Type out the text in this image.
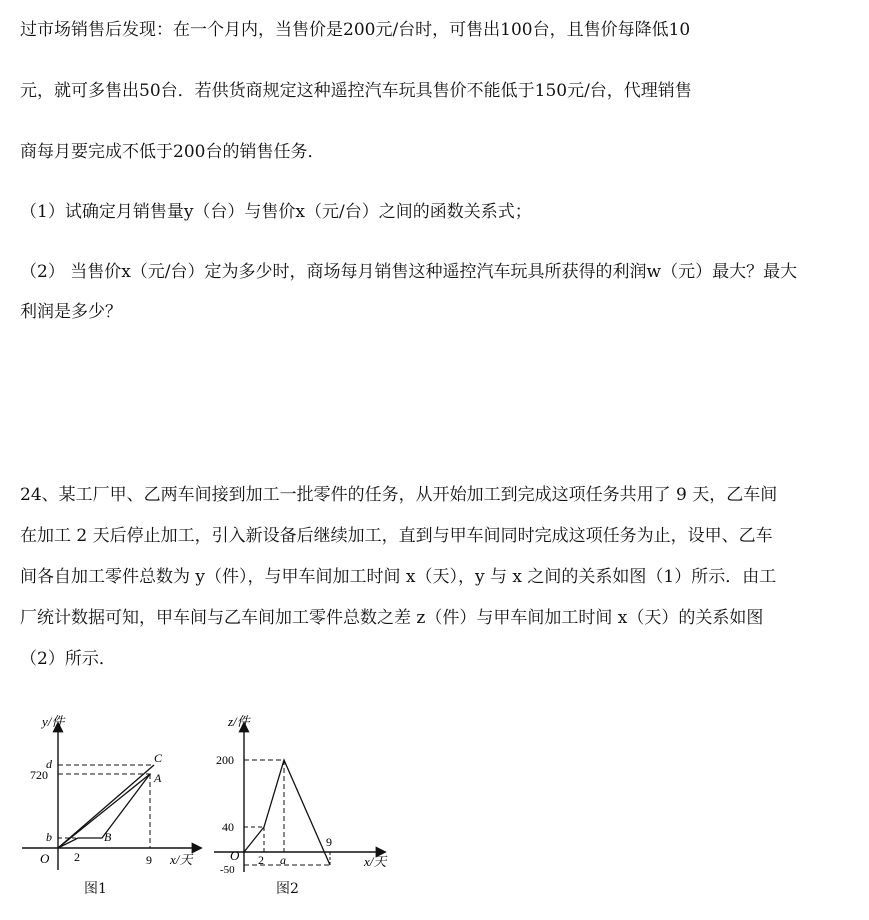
过市场销售后发现：在一个月内，当售价是200元/台时，可售出100台，且售价每降低10
元，就可多售出50台．若供货商规定这种遥控汽车玩具售价不能低于150元/台，代理销售
商每月要完成不低于200台的销售任务．
（1）试确定月销售量y（台）与售价x（元/台）之间的函数关系式；
（2） 当售价x（元/台）定为多少时，商场每月销售这种遥控汽车玩具所获得的利润w（元）最大？最大
利润是多少？
24、某工厂甲、乙两车间接到加工一批零件的任务，从开始加工到完成这项任务共用了 9 天，乙车间
在加工 2 天后停止加工，引入新设备后继续加工，直到与甲车间同时完成这项任务为止，设甲、乙车
间各自加工零件总数为 y（件），与甲车间加工时间 x（天），y 与 x 之间的关系如图（1）所示．由工
厂统计数据可知，甲车间与乙车间加工零件总数之差 z（件）与甲车间加工时间 x（天）的关系如图
（2）所示．
y/件
d
720
b
O 2	9 x/天
C
A
B
图1
z/件
200
40
O
-50
2 a
9
x/天
图2
